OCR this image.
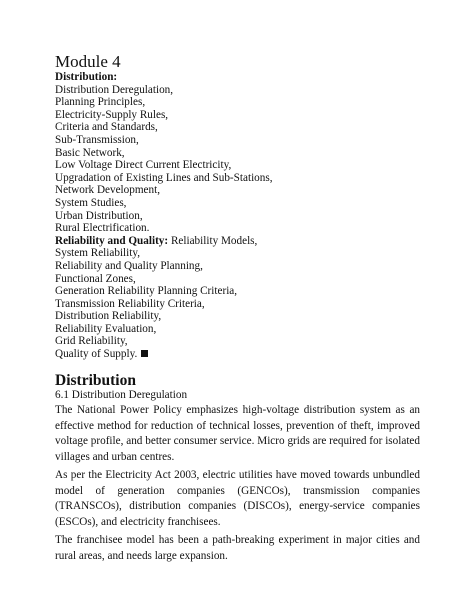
Module 4
Distribution:
Distribution Deregulation,
Planning Principles,
Electricity-Supply Rules,
Criteria and Standards,
Sub-Transmission,
Basic Network,
Low Voltage Direct Current Electricity,
Upgradation of Existing Lines and Sub-Stations,
Network Development,
System Studies,
Urban Distribution,
Rural Electrification.
Reliability and Quality: Reliability Models,
System Reliability,
Reliability and Quality Planning,
Functional Zones,
Generation Reliability Planning Criteria,
Transmission Reliability Criteria,
Distribution Reliability,
Reliability Evaluation,
Grid Reliability,
Quality of Supply.
Distribution
6.1 Distribution Deregulation

The National Power Policy emphasizes high-voltage distribution system as an effective method for reduction of technical losses, prevention of theft, improved voltage profile, and better consumer service. Micro grids are required for isolated villages and urban centres.

As per the Electricity Act 2003, electric utilities have moved towards unbundled model of generation companies (GENCOs), transmission companies (TRANSCOs), distribution companies (DISCOs), energy-service companies (ESCOs), and electricity franchisees.

The franchisee model has been a path-breaking experiment in major cities and rural areas, and needs large expansion.
